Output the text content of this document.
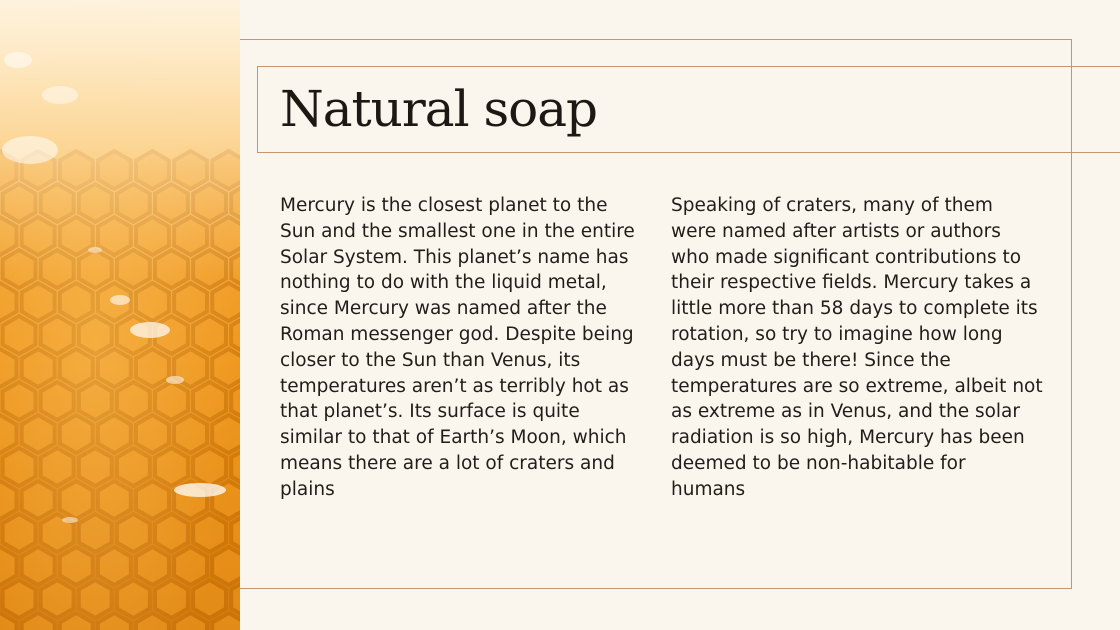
Natural soap

Mercury is the closest planet to the Sun and the smallest one in the entire Solar System. This planet’s name has nothing to do with the liquid metal, since Mercury was named after the Roman messenger god. Despite being closer to the Sun than Venus, its temperatures aren’t as terribly hot as that planet’s. Its surface is quite similar to that of Earth’s Moon, which means there are a lot of craters and plains

Speaking of craters, many of them were named after artists or authors who made significant contributions to their respective fields. Mercury takes a little more than 58 days to complete its rotation, so try to imagine how long days must be there! Since the temperatures are so extreme, albeit not as extreme as in Venus, and the solar radiation is so high, Mercury has been deemed to be non-habitable for humans
